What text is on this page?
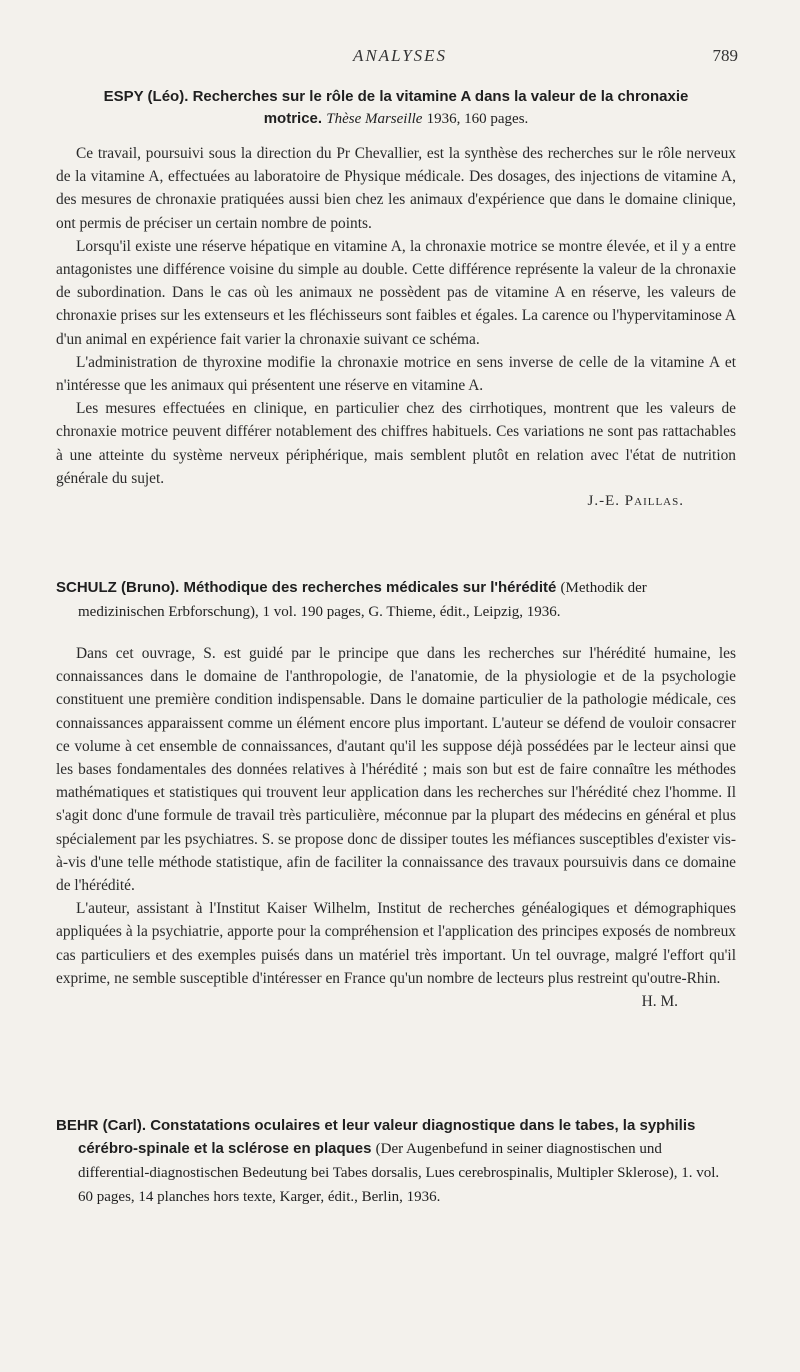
ANALYSES	789

ESPY (Léo). Recherches sur le rôle de la vitamine A dans la valeur de la chronaxie motrice. Thèse Marseille 1936, 160 pages.

Ce travail, poursuivi sous la direction du Pr Chevallier, est la synthèse des recherches sur le rôle nerveux de la vitamine A, effectuées au laboratoire de Physique médicale. Des dosages, des injections de vitamine A, des mesures de chronaxie pratiquées aussi bien chez les animaux d'expérience que dans le domaine clinique, ont permis de préciser un certain nombre de points.

Lorsqu'il existe une réserve hépatique en vitamine A, la chronaxie motrice se montre élevée, et il y a entre antagonistes une différence voisine du simple au double. Cette différence représente la valeur de la chronaxie de subordination. Dans le cas où les animaux ne possèdent pas de vitamine A en réserve, les valeurs de chronaxie prises sur les extenseurs et les fléchisseurs sont faibles et égales. La carence ou l'hypervitaminose A d'un animal en expérience fait varier la chronaxie suivant ce schéma.

L'administration de thyroxine modifie la chronaxie motrice en sens inverse de celle de la vitamine A et n'intéresse que les animaux qui présentent une réserve en vitamine A.

Les mesures effectuées en clinique, en particulier chez des cirrhotiques, montrent que les valeurs de chronaxie motrice peuvent différer notablement des chiffres habituels. Ces variations ne sont pas rattachables à une atteinte du système nerveux périphérique, mais semblent plutôt en relation avec l'état de nutrition générale du sujet.

J.-E. Paillas.

SCHULZ (Bruno). Méthodique des recherches médicales sur l'hérédité (Methodik der medizinischen Erbforschung), 1 vol. 190 pages, G. Thieme, édit., Leipzig, 1936.

Dans cet ouvrage, S. est guidé par le principe que dans les recherches sur l'hérédité humaine, les connaissances dans le domaine de l'anthropologie, de l'anatomie, de la physiologie et de la psychologie constituent une première condition indispensable. Dans le domaine particulier de la pathologie médicale, ces connaissances apparaissent comme un élément encore plus important. L'auteur se défend de vouloir consacrer ce volume à cet ensemble de connaissances, d'autant qu'il les suppose déjà possédées par le lecteur ainsi que les bases fondamentales des données relatives à l'hérédité ; mais son but est de faire connaître les méthodes mathématiques et statistiques qui trouvent leur application dans les recherches sur l'hérédité chez l'homme. Il s'agit donc d'une formule de travail très particulière, méconnue par la plupart des médecins en général et plus spécialement par les psychiatres. S. se propose donc de dissiper toutes les méfiances susceptibles d'exister vis-à-vis d'une telle méthode statistique, afin de faciliter la connaissance des travaux poursuivis dans ce domaine de l'hérédité.

L'auteur, assistant à l'Institut Kaiser Wilhelm, Institut de recherches généalogiques et démographiques appliquées à la psychiatrie, apporte pour la compréhension et l'application des principes exposés de nombreux cas particuliers et des exemples puisés dans un matériel très important. Un tel ouvrage, malgré l'effort qu'il exprime, ne semble susceptible d'intéresser en France qu'un nombre de lecteurs plus restreint qu'outre-Rhin.
H. M.

BEHR (Carl). Constatations oculaires et leur valeur diagnostique dans le tabes, la syphilis cérébro-spinale et la sclérose en plaques (Der Augenbefund in seiner diagnostischen und differential-diagnostischen Bedeutung bei Tabes dorsalis, Lues cerebrospinalis, Multipler Sklerose), 1. vol. 60 pages, 14 planches hors texte, Karger, édit., Berlin, 1936.
